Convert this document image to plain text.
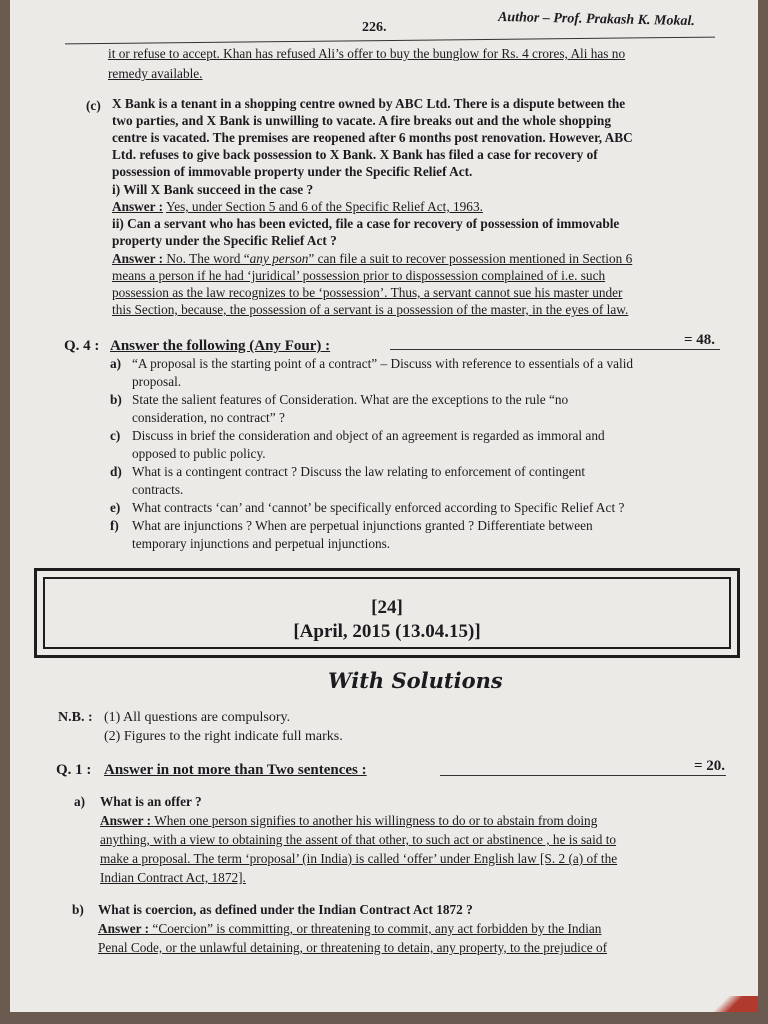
226.	Author – Prof. Prakash K. Mokal.
it or refuse to accept. Khan has refused Ali’s offer to buy the bunglow for Rs. 4 crores, Ali has no
remedy available.
(c) X Bank is a tenant in a shopping centre owned by ABC Ltd. There is a dispute between the
two parties, and X Bank is unwilling to vacate. A fire breaks out and the whole shopping
centre is vacated. The premises are reopened after 6 months post renovation. However, ABC
Ltd. refuses to give back possession to X Bank. X Bank has filed a case for recovery of
possession of immovable property under the Specific Relief Act.
i) Will X Bank succeed in the case ?
Answer : Yes, under Section 5 and 6 of the Specific Relief Act, 1963.
ii) Can a servant who has been evicted, file a case for recovery of possession of immovable
property under the Specific Relief Act ?
Answer : No. The word “any person” can file a suit to recover possession mentioned in Section 6
means a person if he had ‘juridical’ possession prior to dispossession complained of i.e. such
possession as the law recognizes to be ‘possession’. Thus, a servant cannot sue his master under
this Section, because, the possession of a servant is a possession of the master, in the eyes of law.
Q. 4 : Answer the following (Any Four) :	= 48.
a) “A proposal is the starting point of a contract” – Discuss with reference to essentials of a valid
proposal.
b) State the salient features of Consideration. What are the exceptions to the rule “no
consideration, no contract” ?
c) Discuss in brief the consideration and object of an agreement is regarded as immoral and
opposed to public policy.
d) What is a contingent contract ? Discuss the law relating to enforcement of contingent
contracts.
e) What contracts ‘can’ and ‘cannot’ be specifically enforced according to Specific Relief Act ?
f) What are injunctions ? When are perpetual injunctions granted ? Differentiate between
temporary injunctions and perpetual injunctions.
[24]
[April, 2015 (13.04.15)]
With Solutions
N.B. : (1) All questions are compulsory.
(2) Figures to the right indicate full marks.
Q. 1 : Answer in not more than Two sentences :	= 20.
a) What is an offer ?
Answer : When one person signifies to another his willingness to do or to abstain from doing
anything, with a view to obtaining the assent of that other, to such act or abstinence , he is said to
make a proposal. The term ‘proposal’ (in India) is called ‘offer’ under English law [S. 2 (a) of the
Indian Contract Act, 1872].
b) What is coercion, as defined under the Indian Contract Act 1872 ?
Answer : “Coercion” is committing, or threatening to commit, any act forbidden by the Indian
Penal Code, or the unlawful detaining, or threatening to detain, any property, to the prejudice of
